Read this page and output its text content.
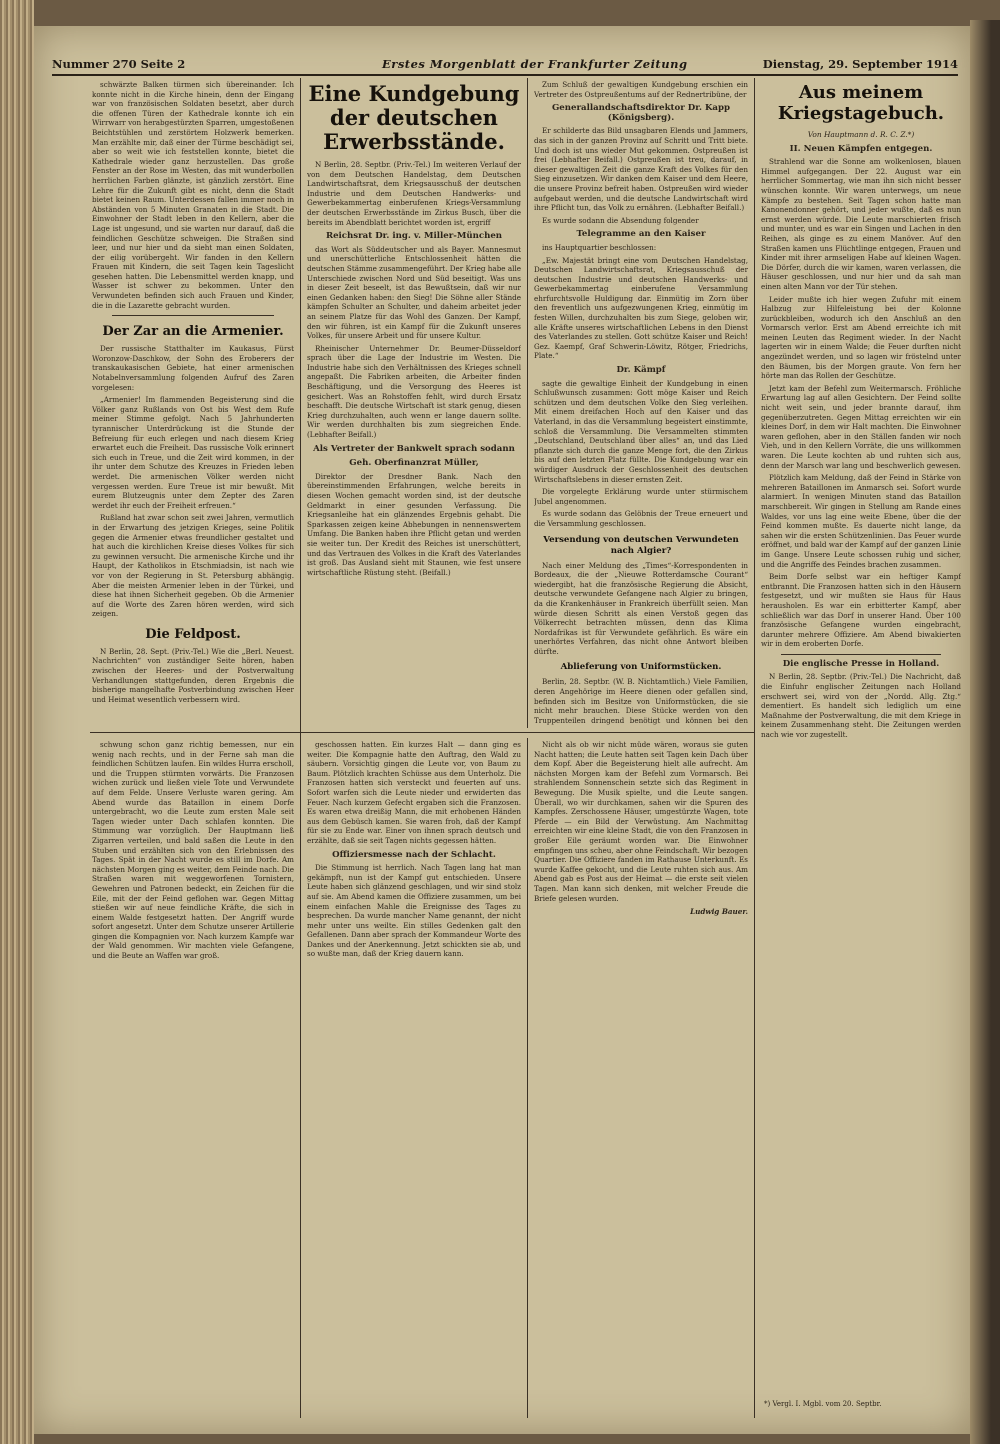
Nummer 270 Seite 2	Erstes Morgenblatt der Frankfurter Zeitung	Dienstag, 29. September 1914

schwärzte Balken türmen sich übereinander. Ich konnte nicht in die Kirche hinein, denn der Eingang war von französischen Soldaten besetzt, aber durch die offenen Türen der Kathedrale konnte ich ein Wirrwarr von herabgestürzten Sparren, umgestoßenen Beichtstühlen und zerstörtem Holzwerk bemerken. Man erzählte mir, daß einer der Türme beschädigt sei, aber so weit wie ich feststellen konnte, bietet die Kathedrale wieder ganz herzustellen. Das große Fenster an der Rose im Westen, das mit wunderbollen herrlichen Farben glänzte, ist gänzlich zerstört. Eine Lehre für die Zukunft gibt es nicht, denn die Stadt bietet keinen Raum. Unterdessen fallen immer noch in Abständen von 5 Minuten Granaten in die Stadt. Die Einwohner der Stadt leben in den Kellern, aber die Lage ist ungesund, und sie warten nur darauf, daß die feindlichen Geschütze schweigen. Die Straßen sind leer, und nur hier und da sieht man einen Soldaten, der eilig vorübergeht. Wir fanden in den Kellern Frauen mit Kindern, die seit Tagen kein Tageslicht gesehen hatten. Die Lebensmittel werden knapp, und Wasser ist schwer zu bekommen. Unter den Verwundeten befinden sich auch Frauen und Kinder, die in die Lazarette gebracht wurden.

Der Zar an die Armenier.

Der russische Statthalter im Kaukasus, Fürst Woronzow-Daschkow, der Sohn des Eroberers der transkaukasischen Gebiete, hat einer armenischen Notabelnversammlung folgenden Aufruf des Zaren vorgelesen:

„Armenier! Im flammenden Begeisterung sind die Völker ganz Rußlands von Ost bis West dem Rufe meiner Stimme gefolgt. Nach 5 Jahrhunderten tyrannischer Unterdrückung ist die Stunde der Befreiung für euch erlegen und nach diesem Krieg erwartet euch die Freiheit. Das russische Volk erinnert sich euch in Treue, und die Zeit wird kommen, in der ihr unter dem Schutze des Kreuzes in Frieden leben werdet. Die armenischen Völker werden nicht vergessen werden. Eure Treue ist mir bewußt. Mit eurem Blutzeugnis unter dem Zepter des Zaren werdet ihr euch der Freiheit erfreuen.“

Rußland hat zwar schon seit zwei Jahren, vermutlich in der Erwartung des jetzigen Krieges, seine Politik gegen die Armenier etwas freundlicher gestaltet und hat auch die kirchlichen Kreise dieses Volkes für sich zu gewinnen versucht. Die armenische Kirche und ihr Haupt, der Katholikos in Etschmiadsin, ist nach wie vor von der Regierung in St. Petersburg abhängig. Aber die meisten Armenier leben in der Türkei, und diese hat ihnen Sicherheit gegeben. Ob die Armenier auf die Worte des Zaren hören werden, wird sich zeigen.

Die Feldpost.

N Berlin, 28. Sept. (Priv.-Tel.) Wie die „Berl. Neuest. Nachrichten“ von zuständiger Seite hören, haben zwischen der Heeres- und der Postverwaltung Verhandlungen stattgefunden, deren Ergebnis die bisherige mangelhafte Postverbindung zwischen Heer und Heimat wesentlich verbessern wird.

Eine Kundgebung der deutschen Erwerbsstände.

N Berlin, 28. Septbr. (Priv.-Tel.) Im weiteren Verlauf der von dem Deutschen Handelstag, dem Deutschen Landwirtschaftsrat, dem Kriegsausschuß der deutschen Industrie und dem Deutschen Handwerks- und Gewerbekammertag einberufenen Kriegs-Versammlung der deutschen Erwerbsstände im Zirkus Busch, über die bereits im Abendblatt berichtet worden ist, ergriff

Reichsrat Dr. ing. v. Miller-München

das Wort als Süddeutscher und als Bayer. Mannesmut und unerschütterliche Entschlossenheit hätten die deutschen Stämme zusammengeführt. Der Krieg habe alle Unterschiede zwischen Nord und Süd beseitigt. Was uns in dieser Zeit beseelt, ist das Bewußtsein, daß wir nur einen Gedanken haben: den Sieg! Die Söhne aller Stände kämpfen Schulter an Schulter, und daheim arbeitet jeder an seinem Platze für das Wohl des Ganzen. Der Kampf, den wir führen, ist ein Kampf für die Zukunft unseres Volkes, für unsere Arbeit und für unsere Kultur.

Rheinischer Unternehmer Dr. Beumer-Düsseldorf sprach über die Lage der Industrie im Westen. Die Industrie habe sich den Verhältnissen des Krieges schnell angepaßt. Die Fabriken arbeiten, die Arbeiter finden Beschäftigung, und die Versorgung des Heeres ist gesichert. Was an Rohstoffen fehlt, wird durch Ersatz beschafft. Die deutsche Wirtschaft ist stark genug, diesen Krieg durchzuhalten, auch wenn er lange dauern sollte. Wir werden durchhalten bis zum siegreichen Ende. (Lebhafter Beifall.)

Als Vertreter der Bankwelt sprach sodann
Geh. Oberfinanzrat Müller,

Direktor der Dresdner Bank. Nach den übereinstimmenden Erfahrungen, welche bereits in diesen Wochen gemacht worden sind, ist der deutsche Geldmarkt in einer gesunden Verfassung. Die Kriegsanleihe hat ein glänzendes Ergebnis gehabt. Die Sparkassen zeigen keine Abhebungen in nennenswertem Umfang. Die Banken haben ihre Pflicht getan und werden sie weiter tun. Der Kredit des Reiches ist unerschüttert, und das Vertrauen des Volkes in die Kraft des Vaterlandes ist groß. Das Ausland sieht mit Staunen, wie fest unsere wirtschaftliche Rüstung steht. (Beifall.)

Zum Schluß der gewaltigen Kundgebung erschien ein Vertreter des Ostpreußentums auf der Rednertribüne, der

Generallandschaftsdirektor Dr. Kapp (Königsberg).

Er schilderte das Bild unsagbaren Elends und Jammers, das sich in der ganzen Provinz auf Schritt und Tritt biete. Und doch ist uns wieder Mut gekommen. Ostpreußen ist frei (Lebhafter Beifall.) Ostpreußen ist treu, darauf, in dieser gewaltigen Zeit die ganze Kraft des Volkes für den Sieg einzusetzen. Wir danken dem Kaiser und dem Heere, die unsere Provinz befreit haben. Ostpreußen wird wieder aufgebaut werden, und die deutsche Landwirtschaft wird ihre Pflicht tun, das Volk zu ernähren. (Lebhafter Beifall.)

Es wurde sodann die Absendung folgender

Telegramme an den Kaiser

ins Hauptquartier beschlossen:

„Ew. Majestät bringt eine vom Deutschen Handelstag, Deutschen Landwirtschaftsrat, Kriegsausschuß der deutschen Industrie und deutschen Handwerks- und Gewerbekammertag einberufene Versammlung ehrfurchtsvolle Huldigung dar. Einmütig im Zorn über den freventlich uns aufgezwungenen Krieg, einmütig im festen Willen, durchzuhalten bis zum Siege, geloben wir, alle Kräfte unseres wirtschaftlichen Lebens in den Dienst des Vaterlandes zu stellen. Gott schütze Kaiser und Reich! Gez. Kaempf, Graf Schwerin-Löwitz, Rötger, Friedrichs, Plate.“

Dr. Kämpf

sagte die gewaltige Einheit der Kundgebung in einen Schlußwunsch zusammen: Gott möge Kaiser und Reich schützen und dem deutschen Volke den Sieg verleihen. Mit einem dreifachen Hoch auf den Kaiser und das Vaterland, in das die Versammlung begeistert einstimmte, schloß die Versammlung. Die Versammelten stimmten „Deutschland, Deutschland über alles“ an, und das Lied pflanzte sich durch die ganze Menge fort, die den Zirkus bis auf den letzten Platz füllte. Die Kundgebung war ein würdiger Ausdruck der Geschlossenheit des deutschen Wirtschaftslebens in dieser ernsten Zeit.

Die vorgelegte Erklärung wurde unter stürmischem Jubel angenommen.

Es wurde sodann das Gelöbnis der Treue erneuert und die Versammlung geschlossen.

Versendung von deutschen Verwundeten nach Algier?

Nach einer Meldung des „Times“-Korrespondenten in Bordeaux, die der „Nieuwe Rotterdamsche Courant“ wiedergibt, hat die französische Regierung die Absicht, deutsche verwundete Gefangene nach Algier zu bringen, da die Krankenhäuser in Frankreich überfüllt seien. Man würde diesen Schritt als einen Verstoß gegen das Völkerrecht betrachten müssen, denn das Klima Nordafrikas ist für Verwundete gefährlich. Es wäre ein unerhörtes Verfahren, das nicht ohne Antwort bleiben dürfte.

Ablieferung von Uniformstücken.

Berlin, 28. Septbr. (W. B. Nichtamtlich.) Viele Familien, deren Angehörige im Heere dienen oder gefallen sind, befinden sich im Besitze von Uniformstücken, die sie nicht mehr brauchen. Diese Stücke werden von den Truppenteilen dringend benötigt und können bei den

Aus meinem Kriegstagebuch.
Von Hauptmann d. R. C. Z.*)
II. Neuen Kämpfen entgegen.

Strahlend war die Sonne am wolkenlosen, blauen Himmel aufgegangen. Der 22. August war ein herrlicher Sommertag, wie man ihn sich nicht besser wünschen konnte. Wir waren unterwegs, um neue Kämpfe zu bestehen. Seit Tagen schon hatte man Kanonendonner gehört, und jeder wußte, daß es nun ernst werden würde. Die Leute marschierten frisch und munter, und es war ein Singen und Lachen in den Reihen, als ginge es zu einem Manöver. Auf den Straßen kamen uns Flüchtlinge entgegen, Frauen und Kinder mit ihrer armseligen Habe auf kleinen Wagen. Die Dörfer, durch die wir kamen, waren verlassen, die Häuser geschlossen, und nur hier und da sah man einen alten Mann vor der Tür stehen.

Leider mußte ich hier wegen Zufuhr mit einem Halbzug zur Hilfeleistung bei der Kolonne zurückbleiben, wodurch ich den Anschluß an den Vormarsch verlor. Erst am Abend erreichte ich mit meinen Leuten das Regiment wieder. In der Nacht lagerten wir in einem Walde; die Feuer durften nicht angezündet werden, und so lagen wir fröstelnd unter den Bäumen, bis der Morgen graute. Von fern her hörte man das Rollen der Geschütze.

Jetzt kam der Befehl zum Weitermarsch. Fröhliche Erwartung lag auf allen Gesichtern. Der Feind sollte nicht weit sein, und jeder brannte darauf, ihm gegenüberzutreten. Gegen Mittag erreichten wir ein kleines Dorf, in dem wir Halt machten. Die Einwohner waren geflohen, aber in den Ställen fanden wir noch Vieh, und in den Kellern Vorräte, die uns willkommen waren. Die Leute kochten ab und ruhten sich aus, denn der Marsch war lang und beschwerlich gewesen.

Plötzlich kam Meldung, daß der Feind in Stärke von mehreren Bataillonen im Anmarsch sei. Sofort wurde alarmiert. In wenigen Minuten stand das Bataillon marschbereit. Wir gingen in Stellung am Rande eines Waldes, vor uns lag eine weite Ebene, über die der Feind kommen mußte. Es dauerte nicht lange, da sahen wir die ersten Schützenlinien. Das Feuer wurde eröffnet, und bald war der Kampf auf der ganzen Linie im Gange. Unsere Leute schossen ruhig und sicher, und die Angriffe des Feindes brachen zusammen.

Beim Dorfe selbst war ein heftiger Kampf entbrannt. Die Franzosen hatten sich in den Häusern festgesetzt, und wir mußten sie Haus für Haus herausholen. Es war ein erbitterter Kampf, aber schließlich war das Dorf in unserer Hand. Über 100 französische Gefangene wurden eingebracht, darunter mehrere Offiziere. Am Abend biwakierten wir in dem eroberten Dorfe.

Die englische Presse in Holland.

N Berlin, 28. Septbr. (Priv.-Tel.) Die Nachricht, daß die Einfuhr englischer Zeitungen nach Holland erschwert sei, wird von der „Nordd. Allg. Ztg.“ dementiert. Es handelt sich lediglich um eine Maßnahme der Postverwaltung, die mit dem Kriege in keinem Zusammenhang steht. Die Zeitungen werden nach wie vor zugestellt.

*) Vergl. I. Mgbl. vom 20. Septbr.

schwung schon ganz richtig bemessen, nur ein wenig nach rechts, und in der Ferne sah man die feindlichen Schützen laufen. Ein wildes Hurra erscholl, und die Truppen stürmten vorwärts. Die Franzosen wichen zurück und ließen viele Tote und Verwundete auf dem Felde. Unsere Verluste waren gering. Am Abend wurde das Bataillon in einem Dorfe untergebracht, wo die Leute zum ersten Male seit Tagen wieder unter Dach schlafen konnten. Die Stimmung war vorzüglich. Der Hauptmann ließ Zigarren verteilen, und bald saßen die Leute in den Stuben und erzählten sich von den Erlebnissen des Tages. Spät in der Nacht wurde es still im Dorfe. Am nächsten Morgen ging es weiter, dem Feinde nach. Die Straßen waren mit weggeworfenen Tornistern, Gewehren und Patronen bedeckt, ein Zeichen für die Eile, mit der der Feind geflohen war. Gegen Mittag stießen wir auf neue feindliche Kräfte, die sich in einem Walde festgesetzt hatten. Der Angriff wurde sofort angesetzt. Unter dem Schutze unserer Artillerie gingen die Kompagnien vor. Nach kurzem Kampfe war der Wald genommen. Wir machten viele Gefangene, und die Beute an Waffen war groß.

geschossen hatten. Ein kurzes Halt — dann ging es weiter. Die Kompagnie hatte den Auftrag, den Wald zu säubern. Vorsichtig gingen die Leute vor, von Baum zu Baum. Plötzlich krachten Schüsse aus dem Unterholz. Die Franzosen hatten sich versteckt und feuerten auf uns. Sofort warfen sich die Leute nieder und erwiderten das Feuer. Nach kurzem Gefecht ergaben sich die Franzosen. Es waren etwa dreißig Mann, die mit erhobenen Händen aus dem Gebüsch kamen. Sie waren froh, daß der Kampf für sie zu Ende war. Einer von ihnen sprach deutsch und erzählte, daß sie seit Tagen nichts gegessen hätten.

Offiziersmesse nach der Schlacht.

Die Stimmung ist herrlich. Nach Tagen lang hat man gekämpft, nun ist der Kampf gut entschieden. Unsere Leute haben sich glänzend geschlagen, und wir sind stolz auf sie. Am Abend kamen die Offiziere zusammen, um bei einem einfachen Mahle die Ereignisse des Tages zu besprechen. Da wurde mancher Name genannt, der nicht mehr unter uns weilte. Ein stilles Gedenken galt den Gefallenen. Dann aber sprach der Kommandeur Worte des Dankes und der Anerkennung. Jetzt schickten sie ab, und so wußte man, daß der Krieg dauern kann.

Nicht als ob wir nicht müde wären, woraus sie guten Nacht hatten; die Leute hatten seit Tagen kein Dach über dem Kopf. Aber die Begeisterung hielt alle aufrecht. Am nächsten Morgen kam der Befehl zum Vormarsch. Bei strahlendem Sonnenschein setzte sich das Regiment in Bewegung. Die Musik spielte, und die Leute sangen. Überall, wo wir durchkamen, sahen wir die Spuren des Kampfes. Zerschossene Häuser, umgestürzte Wagen, tote Pferde — ein Bild der Verwüstung. Am Nachmittag erreichten wir eine kleine Stadt, die von den Franzosen in großer Eile geräumt worden war. Die Einwohner empfingen uns scheu, aber ohne Feindschaft. Wir bezogen Quartier. Die Offiziere fanden im Rathause Unterkunft. Es wurde Kaffee gekocht, und die Leute ruhten sich aus. Am Abend gab es Post aus der Heimat — die erste seit vielen Tagen. Man kann sich denken, mit welcher Freude die Briefe gelesen wurden.

Ludwig Bauer.
